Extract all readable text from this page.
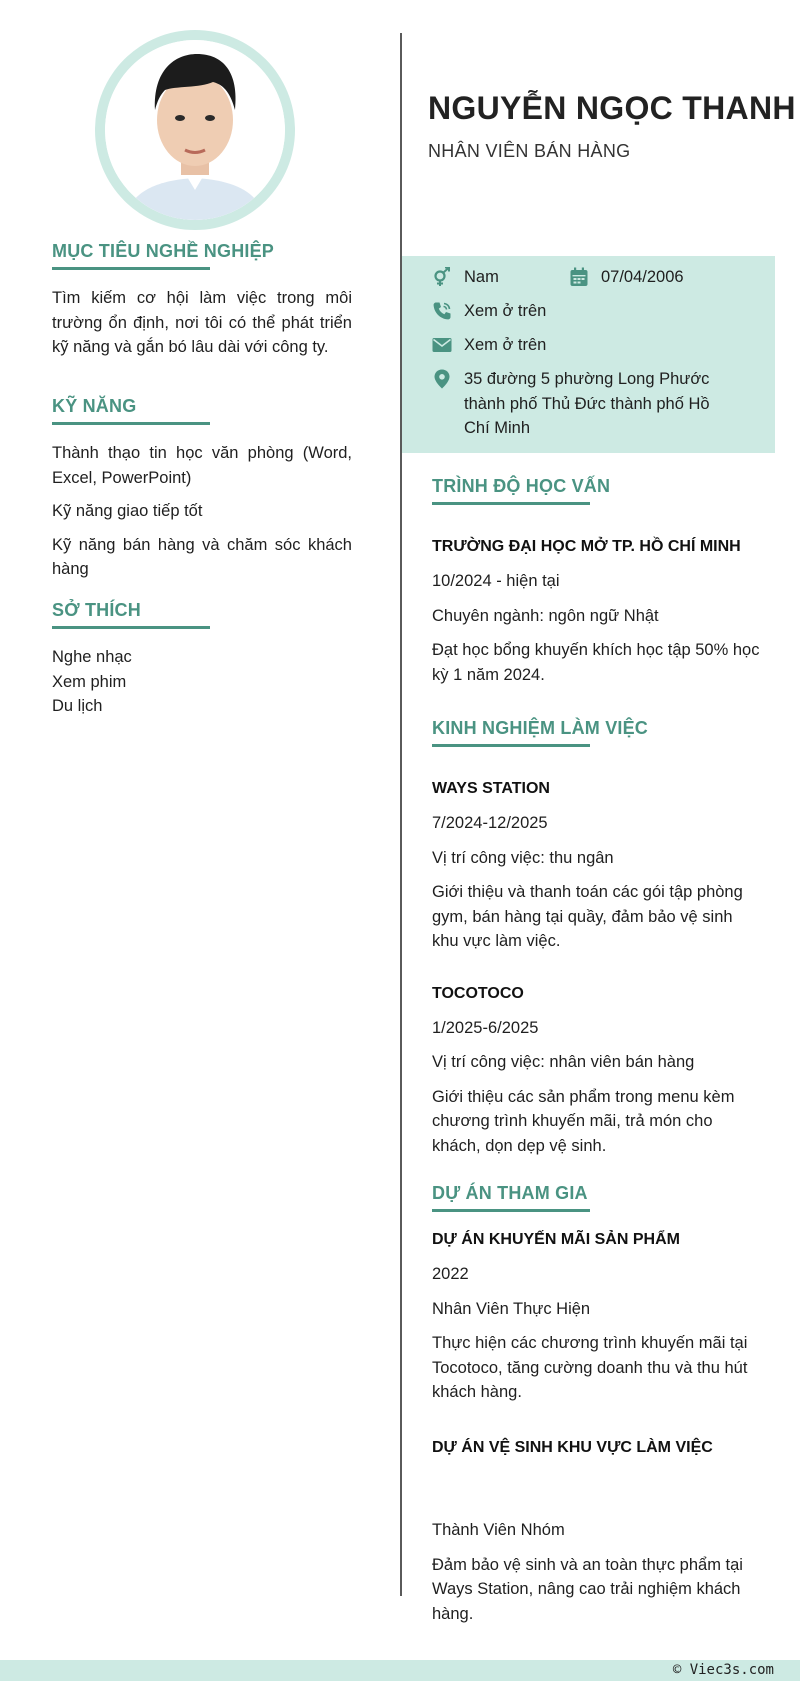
MỤC TIÊU NGHỀ NGHIỆP

Tìm kiếm cơ hội làm việc trong môi trường ổn định, nơi tôi có thể phát triển kỹ năng và gắn bó lâu dài với công ty.

KỸ NĂNG

Thành thạo tin học văn phòng (Word, Excel, PowerPoint)

Kỹ năng giao tiếp tốt

Kỹ năng bán hàng và chăm sóc khách hàng

SỞ THÍCH

Nghe nhạc

Xem phim

Du lịch

NGUYỄN NGỌC THANH
NHÂN VIÊN BÁN HÀNG
Nam	07/04/2006
Xem ở trên
Xem ở trên
35 đường 5 phường Long Phước
thành phố Thủ Đức thành phố Hồ
Chí Minh
TRÌNH ĐỘ HỌC VẤN

TRƯỜNG ĐẠI HỌC MỞ TP. HỒ CHÍ MINH

10/2024 - hiện tại

Chuyên ngành: ngôn ngữ Nhật

Đạt học bổng khuyến khích học tập 50% học kỳ 1 năm 2024.

KINH NGHIỆM LÀM VIỆC

WAYS STATION

7/2024-12/2025

Vị trí công việc: thu ngân

Giới thiệu và thanh toán các gói tập phòng gym, bán hàng tại quầy, đảm bảo vệ sinh khu vực làm việc.

TOCOTOCO

1/2025-6/2025

Vị trí công việc: nhân viên bán hàng

Giới thiệu các sản phẩm trong menu kèm chương trình khuyến mãi, trả món cho khách, dọn dẹp vệ sinh.

DỰ ÁN THAM GIA

DỰ ÁN KHUYẾN MÃI SẢN PHẨM

2022

Nhân Viên Thực Hiện

Thực hiện các chương trình khuyến mãi tại Tocotoco, tăng cường doanh thu và thu hút khách hàng.

DỰ ÁN VỆ SINH KHU VỰC LÀM VIỆC

Thành Viên Nhóm

Đảm bảo vệ sinh và an toàn thực phẩm tại Ways Station, nâng cao trải nghiệm khách hàng.

© Viec3s.com
